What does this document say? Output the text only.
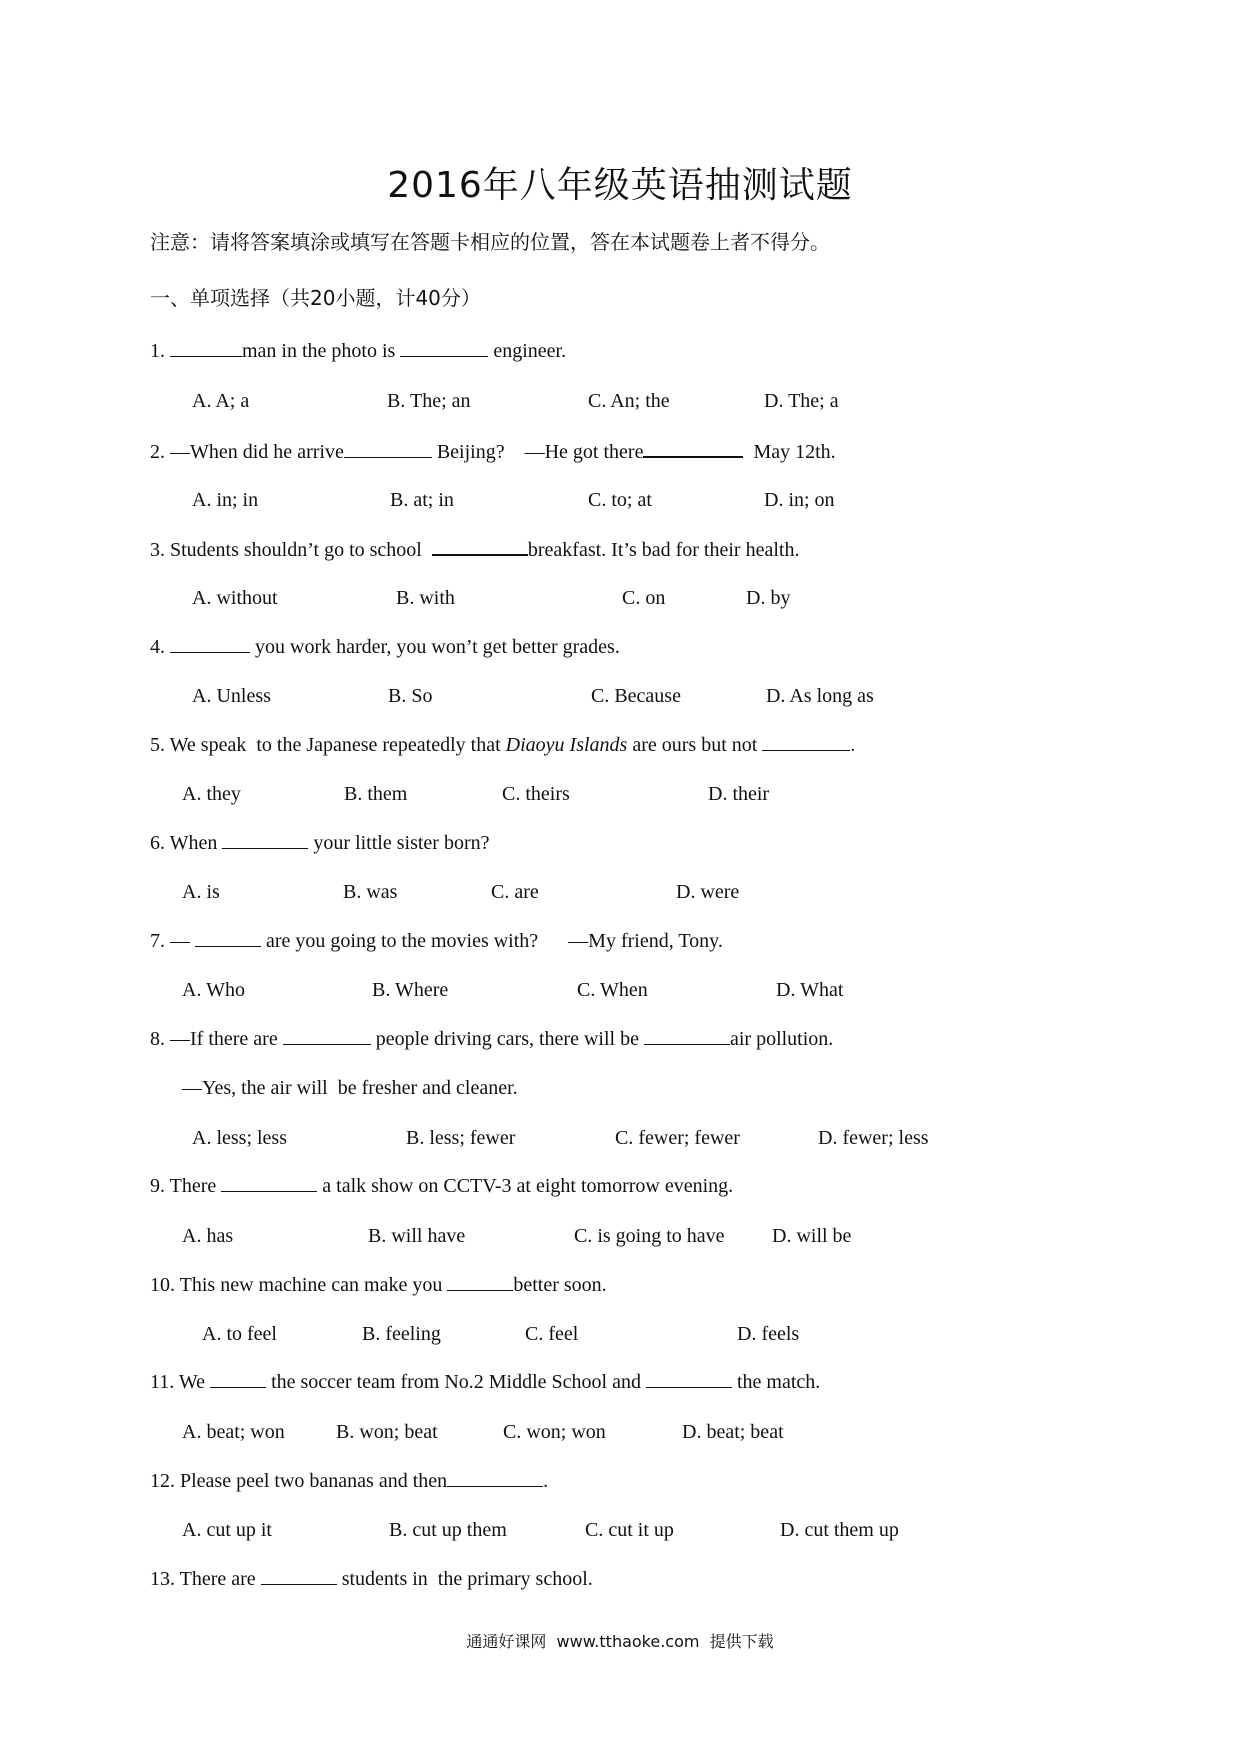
2016年八年级英语抽测试题
注意：请将答案填涂或填写在答题卡相应的位置，答在本试题卷上者不得分。
一、单项选择（共20小题，计40分）
1.	man in the photo is	engineer.
A. A; a	B. The; an	C. An; the	D. The; a
2. —When did he arrive	Beijing?    —He got there	May 12th.
A. in; in	B. at; in	C. to; at	D. in; on
3. Students shouldn’t go to school	breakfast. It’s bad for their health.
A. without	B. with	C. on	D. by
4.	you work harder, you won’t get better grades.
A. Unless	B. So	C. Because	D. As long as
5. We speak  to the Japanese repeatedly that Diaoyu Islands are ours but not	.
A. they	B. them	C. theirs	D. their
6. When	your little sister born?
A. is	B. was	C. are	D. were
7. —	are you going to the movies with?      —My friend, Tony.
A. Who	B. Where	C. When	D. What
8. —If there are	people driving cars, there will be	air pollution.
—Yes, the air will  be fresher and cleaner.
A. less; less	B. less; fewer	C. fewer; fewer	D. fewer; less
9. There	a talk show on CCTV-3 at eight tomorrow evening.
A. has	B. will have	C. is going to have D. will be
10. This new machine can make you	better soon.
A. to feel	B. feeling	C. feel	D. feels
11. We	the soccer team from No.2 Middle School and	the match.
A. beat; won	B. won; beat	C. won; won	D. beat; beat
12. Please peel two bananas and then	.
A. cut up it	B. cut up them	C. cut it up	D. cut them up
13. There are	students in  the primary school.
通通好课网  www.tthaoke.com  提供下载
